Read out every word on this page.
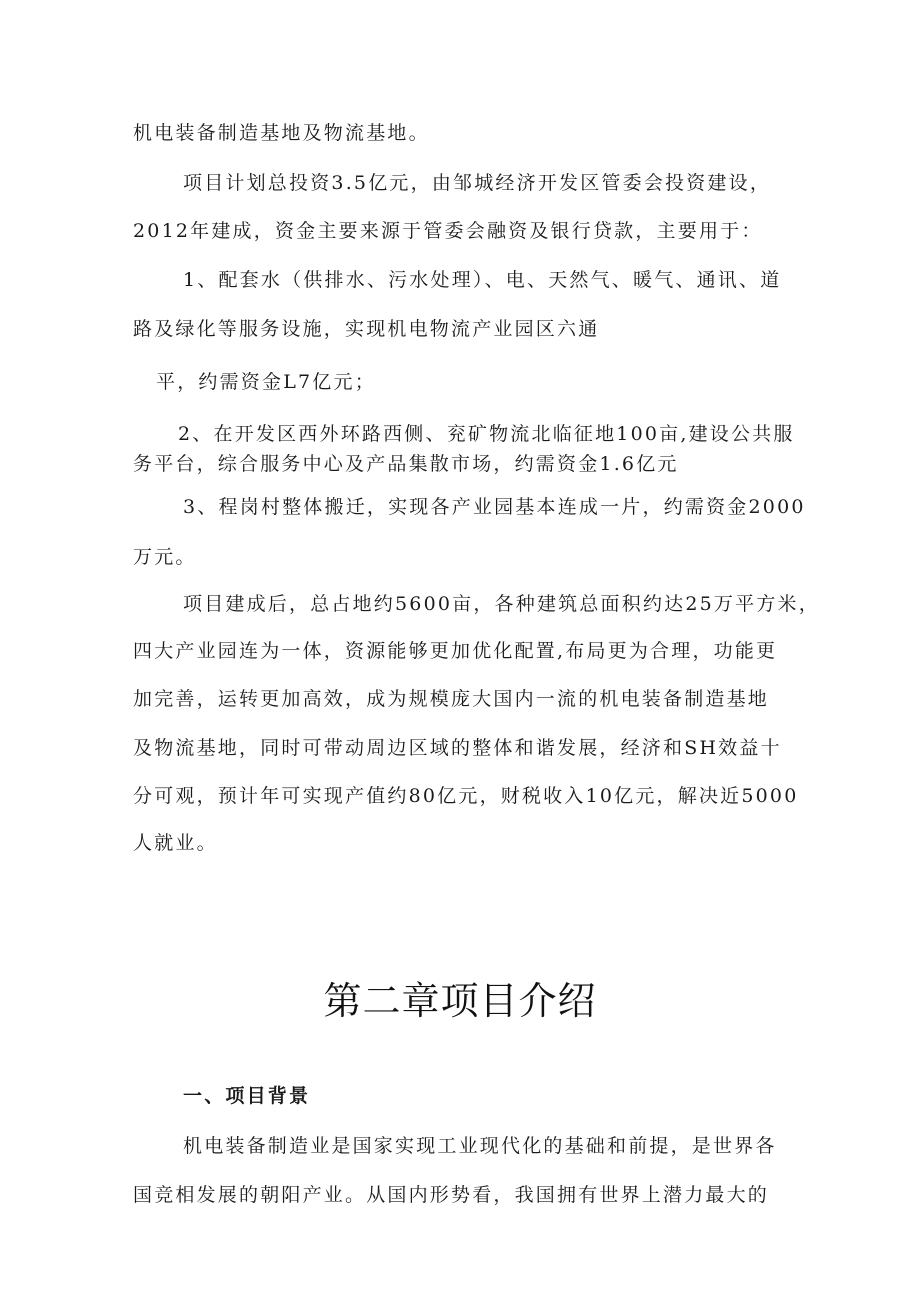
机电装备制造基地及物流基地。
项目计划总投资3.5亿元，由邹城经济开发区管委会投资建设，
2012年建成，资金主要来源于管委会融资及银行贷款，主要用于：
1、配套水（供排水、污水处理）、电、天然气、暖气、通讯、道
路及绿化等服务设施，实现机电物流产业园区六通
平，约需资金L7亿元；
2、在开发区西外环路西侧、兖矿物流北临征地100亩,建设公共服
务平台，综合服务中心及产品集散市场，约需资金1.6亿元
3、程岗村整体搬迁，实现各产业园基本连成一片，约需资金2000
万元。
项目建成后，总占地约5600亩，各种建筑总面积约达25万平方米，
四大产业园连为一体，资源能够更加优化配置,布局更为合理，功能更
加完善，运转更加高效，成为规模庞大国内一流的机电装备制造基地
及物流基地，同时可带动周边区域的整体和谐发展，经济和SH效益十
分可观，预计年可实现产值约80亿元，财税收入10亿元，解决近5000
人就业。
第二章项目介绍
一、项目背景
机电装备制造业是国家实现工业现代化的基础和前提，是世界各
国竞相发展的朝阳产业。从国内形势看，我国拥有世界上潜力最大的
